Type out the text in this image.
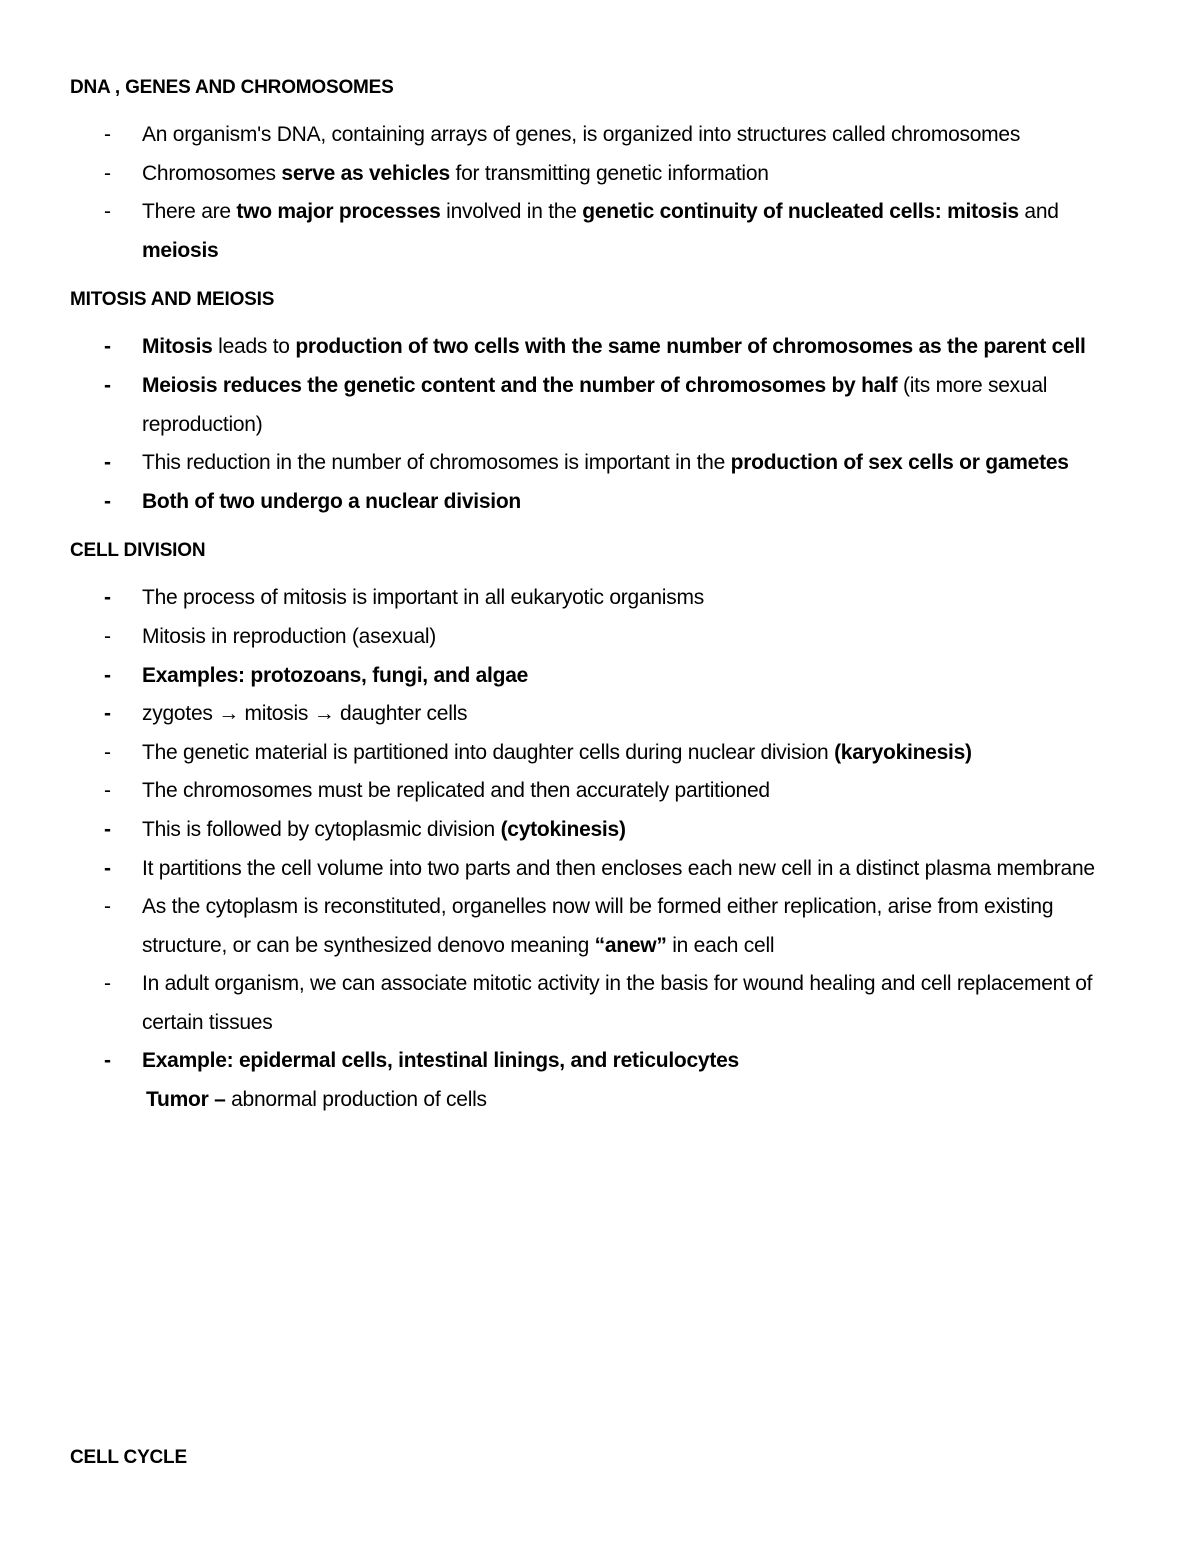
DNA , GENES AND CHROMOSOMES
- An organism's DNA, containing arrays of genes, is organized into structures called chromosomes
- Chromosomes serve as vehicles for transmitting genetic information
- There are two major processes involved in the genetic continuity of nucleated cells: mitosis and meiosis
MITOSIS AND MEIOSIS
- Mitosis leads to production of two cells with the same number of chromosomes as the parent cell
- Meiosis reduces the genetic content and the number of chromosomes by half (its more sexual reproduction)
- This reduction in the number of chromosomes is important in the production of sex cells or gametes
- Both of two undergo a nuclear division
CELL DIVISION
- The process of mitosis is important in all eukaryotic organisms
- Mitosis in reproduction (asexual)
- Examples: protozoans, fungi, and algae
- zygotes → mitosis → daughter cells
- The genetic material is partitioned into daughter cells during nuclear division (karyokinesis)
- The chromosomes must be replicated and then accurately partitioned
- This is followed by cytoplasmic division (cytokinesis)
- It partitions the cell volume into two parts and then encloses each new cell in a distinct plasma membrane
- As the cytoplasm is reconstituted, organelles now will be formed either replication, arise from existing structure, or can be synthesized denovo meaning “anew” in each cell
- In adult organism, we can associate mitotic activity in the basis for wound healing and cell replacement of certain tissues
- Example: epidermal cells, intestinal linings, and reticulocytes

Tumor – abnormal production of cells

CELL CYCLE
